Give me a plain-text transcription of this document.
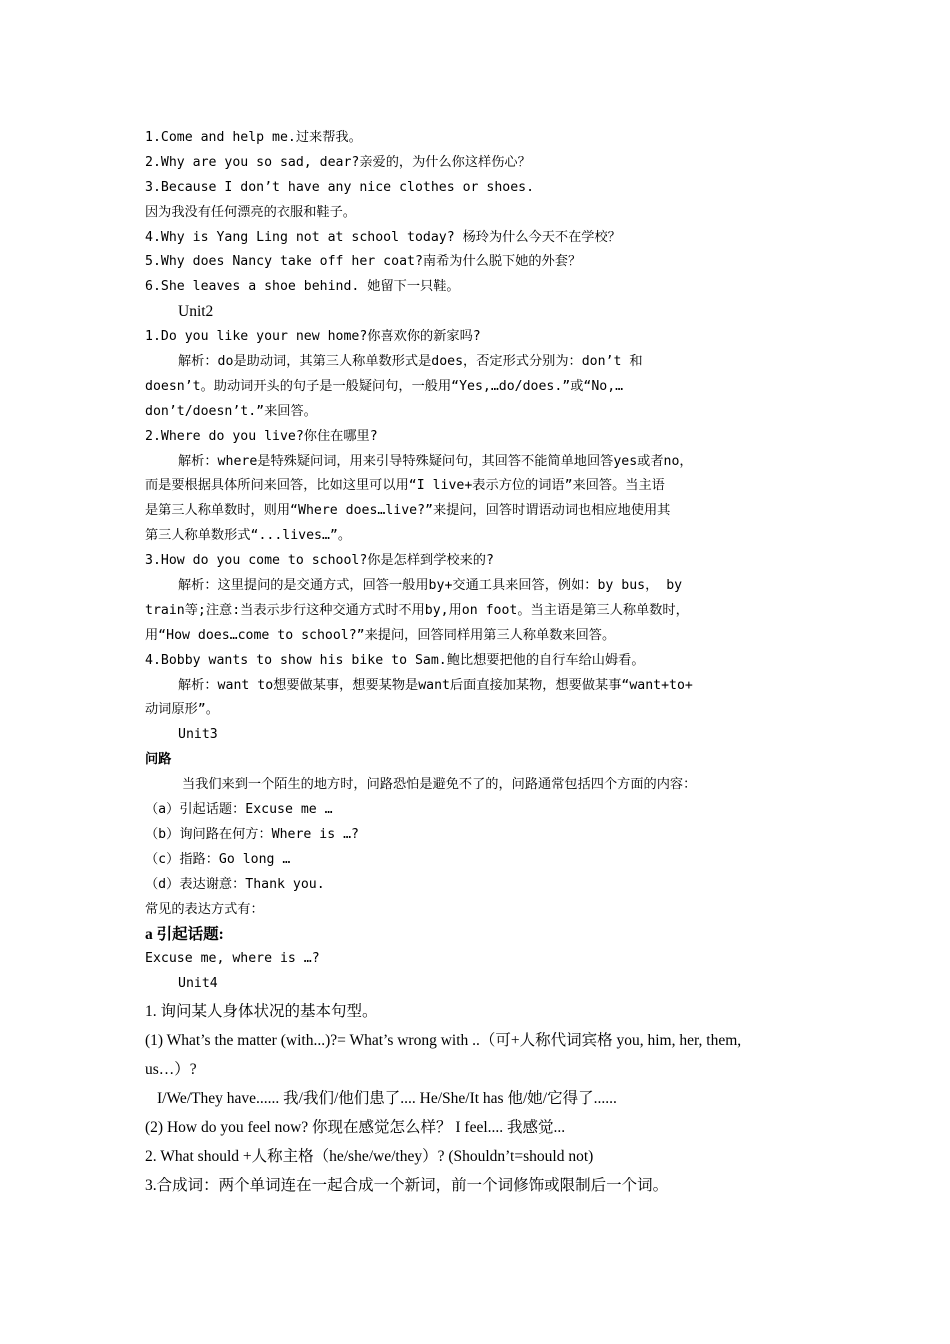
1.Come and help me.过来帮我。
2.Why are you so sad, dear?亲爱的，为什么你这样伤心？
3.Because I don’t have any nice clothes or shoes.
因为我没有任何漂亮的衣服和鞋子。
4.Why is Yang Ling not at school today? 杨玲为什么今天不在学校？
5.Why does Nancy take off her coat?南希为什么脱下她的外套？
6.She leaves a shoe behind. 她留下一只鞋。
Unit2
1.Do you like your new home?你喜欢你的新家吗?
解析：do是助动词，其第三人称单数形式是does，否定形式分别为：don’t 和
doesn’t。助动词开头的句子是一般疑问句，一般用“Yes,…do/does.”或“No,…
don’t/doesn’t.”来回答。
2.Where do you live?你住在哪里?
解析：where是特殊疑问词，用来引导特殊疑问句，其回答不能简单地回答yes或者no，
而是要根据具体所问来回答，比如这里可以用“I live+表示方位的词语”来回答。当主语
是第三人称单数时，则用“Where does…live?”来提问，回答时谓语动词也相应地使用其
第三人称单数形式“...lives…”。
3.How do you come to school?你是怎样到学校来的?
解析：这里提问的是交通方式，回答一般用by+交通工具来回答，例如：by bus， by
train等;注意:当表示步行这种交通方式时不用by,用on foot。当主语是第三人称单数时，
用“How does…come to school?”来提问，回答同样用第三人称单数来回答。
4.Bobby wants to show his bike to Sam.鲍比想要把他的自行车给山姆看。
解析：want to想要做某事，想要某物是want后面直接加某物，想要做某事“want+to+
动词原形”。
Unit3
问路
当我们来到一个陌生的地方时，问路恐怕是避免不了的，问路通常包括四个方面的内容：
（a）引起话题：Excuse me …
（b）询问路在何方：Where is …?
（c）指路：Go long …
（d）表达谢意：Thank you.
常见的表达方式有：
a 引起话题:
Excuse me, where is …?
Unit4
1. 询问某人身体状况的基本句型。
(1) What’s the matter (with...)?= What’s wrong with ..（可+人称代词宾格 you, him, her, them,
us…）?
I/We/They have...... 我/我们/他们患了.... He/She/It has 他/她/它得了......
(2) How do you feel now? 你现在感觉怎么样？ I feel.... 我感觉...
2. What should +人称主格（he/she/we/they）? (Shouldn’t=should not)
3.合成词：两个单词连在一起合成一个新词，前一个词修饰或限制后一个词。
